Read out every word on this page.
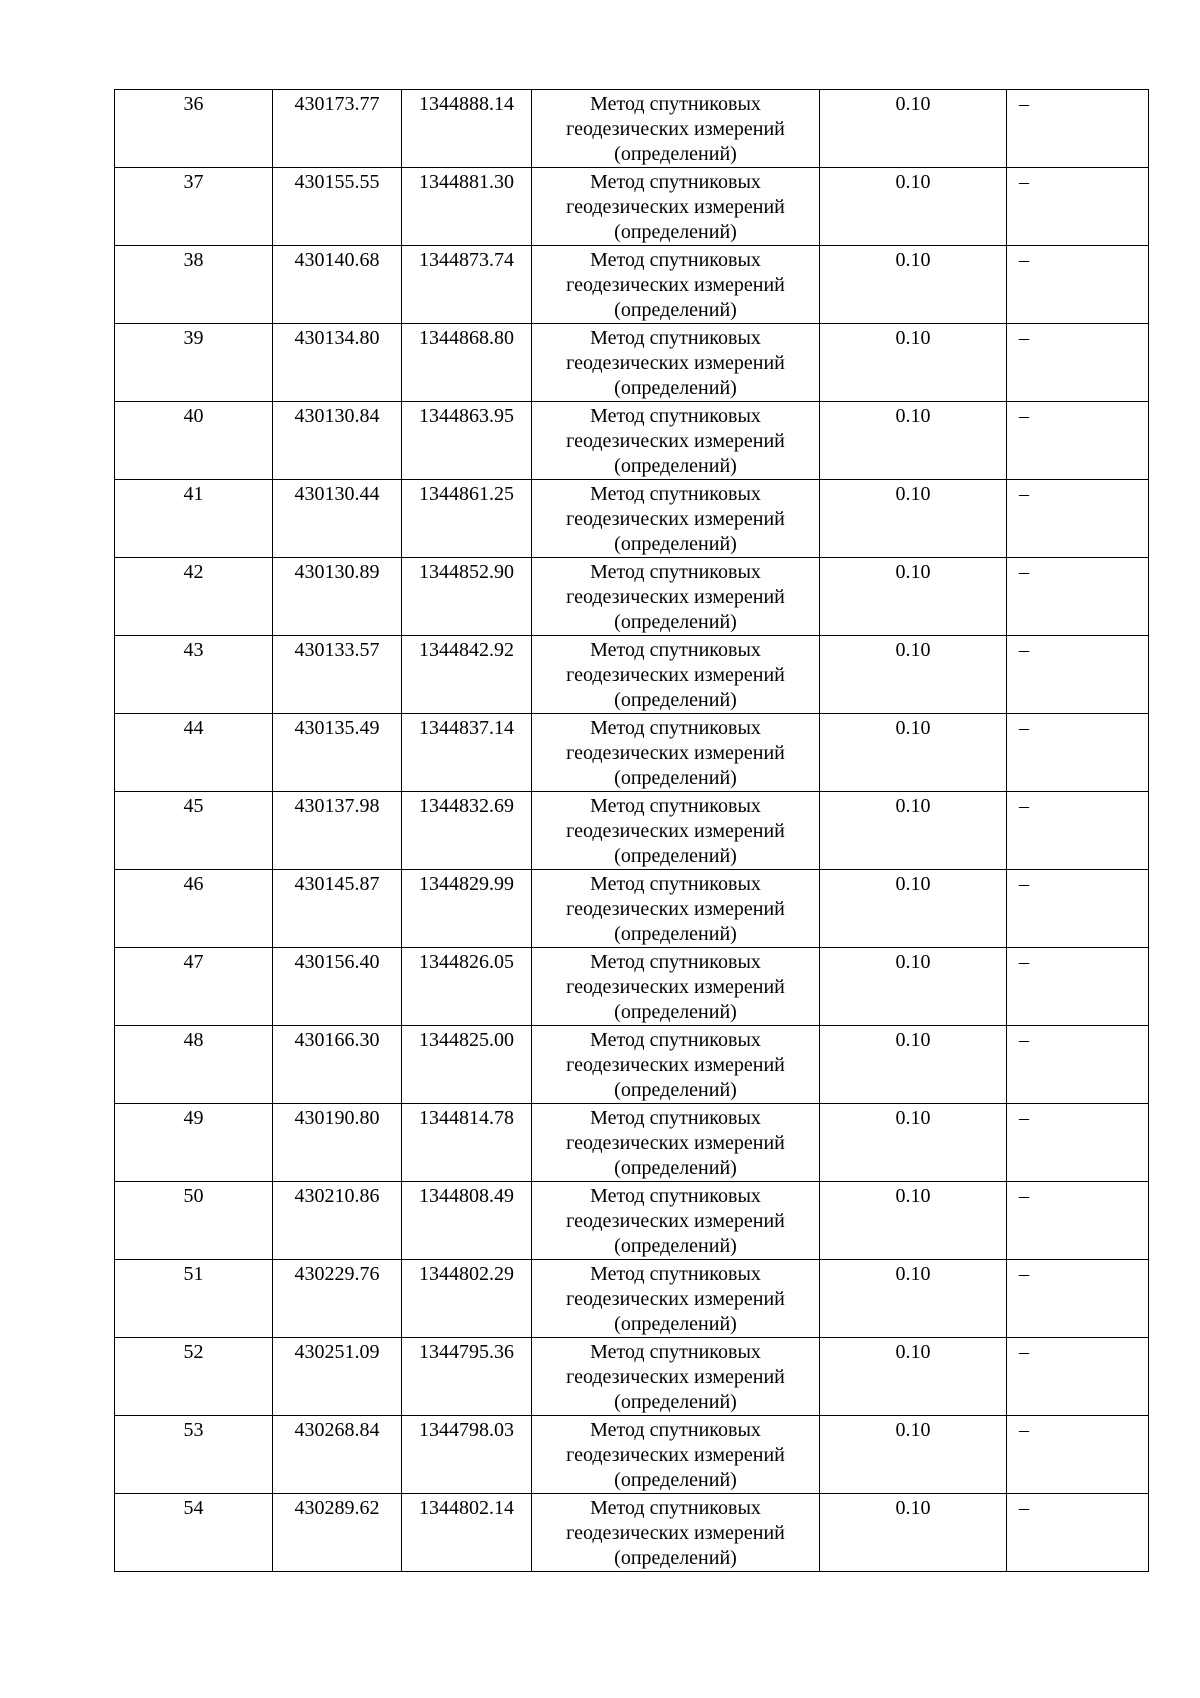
36	430173.77	1344888.14	Метод спутниковых
геодезических измерений
(определений)	0.10	–

37	430155.55	1344881.30	Метод спутниковых
геодезических измерений
(определений)	0.10	–

38	430140.68	1344873.74	Метод спутниковых
геодезических измерений
(определений)	0.10	–

39	430134.80	1344868.80	Метод спутниковых
геодезических измерений
(определений)	0.10	–

40	430130.84	1344863.95	Метод спутниковых
геодезических измерений
(определений)	0.10	–

41	430130.44	1344861.25	Метод спутниковых
геодезических измерений
(определений)	0.10	–

42	430130.89	1344852.90	Метод спутниковых
геодезических измерений
(определений)	0.10	–

43	430133.57	1344842.92	Метод спутниковых
геодезических измерений
(определений)	0.10	–

44	430135.49	1344837.14	Метод спутниковых
геодезических измерений
(определений)	0.10	–

45	430137.98	1344832.69	Метод спутниковых
геодезических измерений
(определений)	0.10	–

46	430145.87	1344829.99	Метод спутниковых
геодезических измерений
(определений)	0.10	–

47	430156.40	1344826.05	Метод спутниковых
геодезических измерений
(определений)	0.10	–

48	430166.30	1344825.00	Метод спутниковых
геодезических измерений
(определений)	0.10	–

49	430190.80	1344814.78	Метод спутниковых
геодезических измерений
(определений)	0.10	–

50	430210.86	1344808.49	Метод спутниковых
геодезических измерений
(определений)	0.10	–

51	430229.76	1344802.29	Метод спутниковых
геодезических измерений
(определений)	0.10	–

52	430251.09	1344795.36	Метод спутниковых
геодезических измерений
(определений)	0.10	–

53	430268.84	1344798.03	Метод спутниковых
геодезических измерений
(определений)	0.10	–

54	430289.62	1344802.14	Метод спутниковых
геодезических измерений
(определений)	0.10	–
